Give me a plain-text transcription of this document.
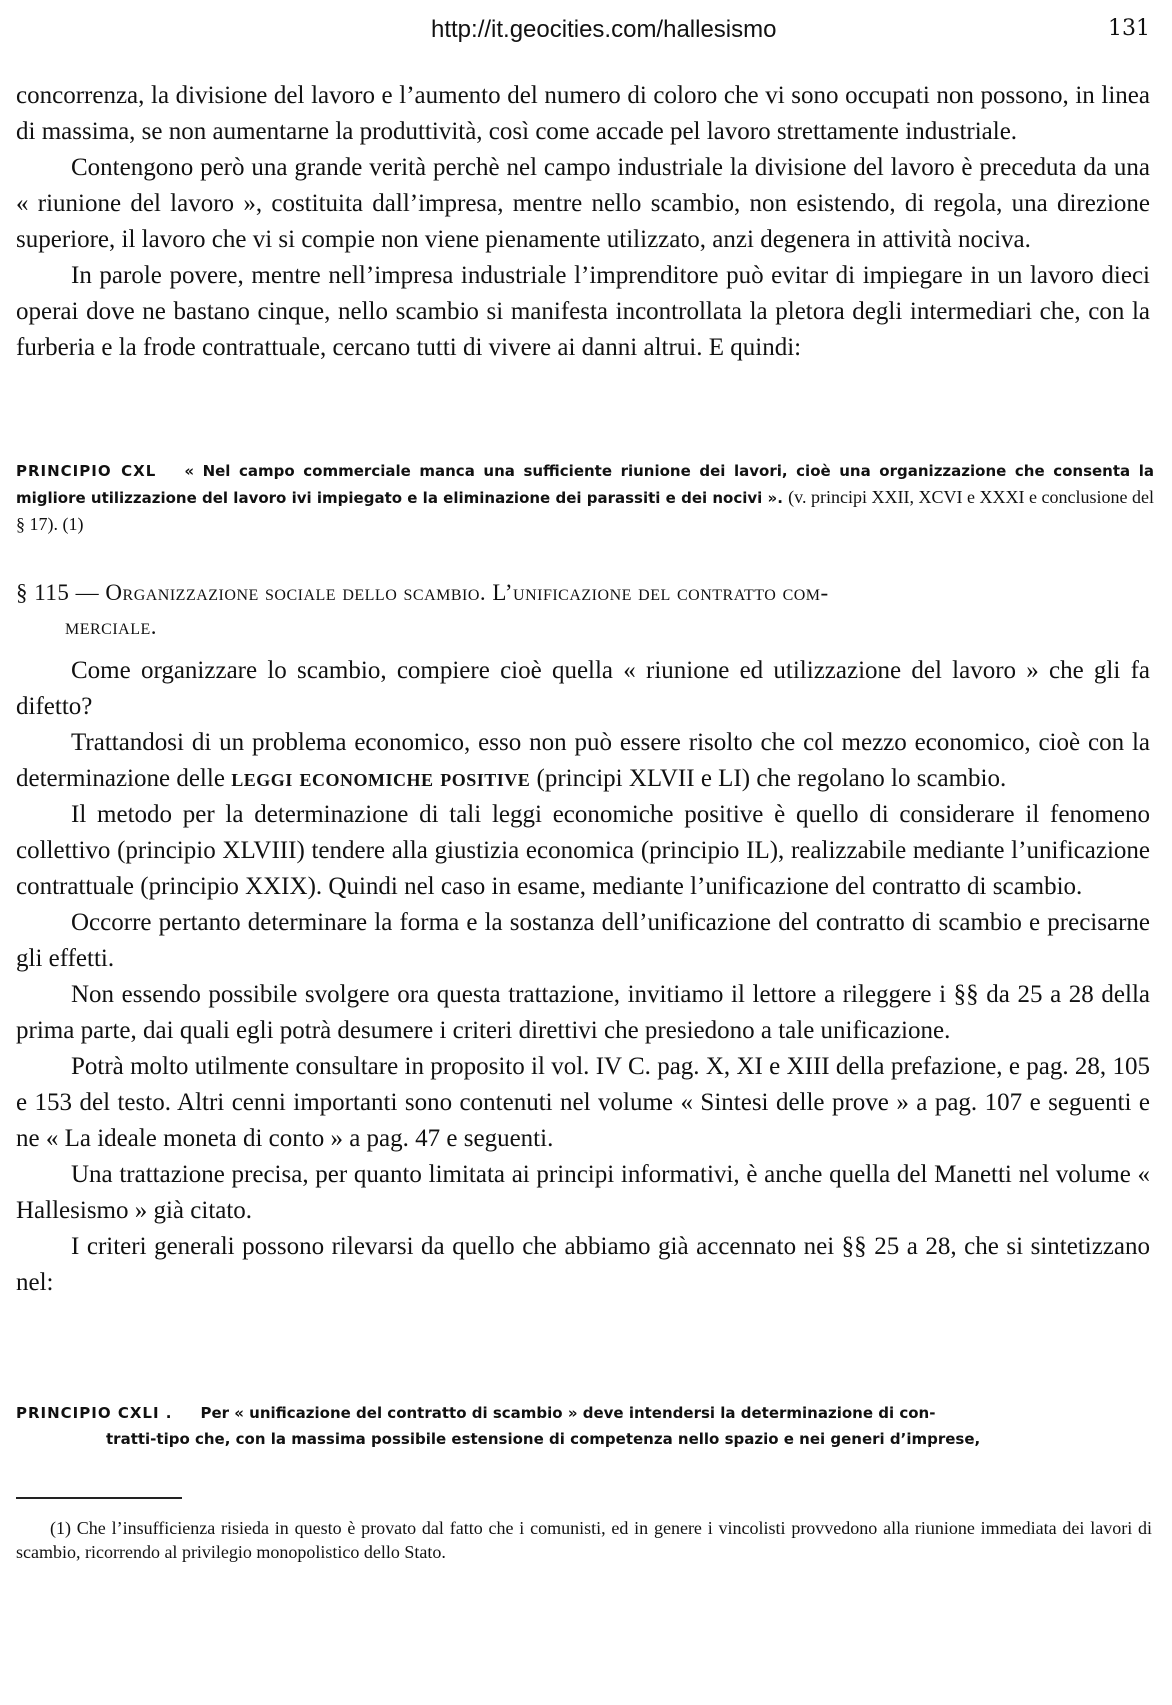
http://it.geocities.com/hallesismo	131

concorrenza, la divisione del lavoro e l’aumento del numero di coloro che vi sono occupati non possono, in linea di massima, se non aumentarne la produttività, così come accade pel lavoro strettamente industriale.

Contengono però una grande verità perchè nel campo industriale la divisione del lavoro è preceduta da una « riunione del lavoro », costituita dall’impresa, mentre nello scambio, non esistendo, di regola, una direzione superiore, il lavoro che vi si compie non viene pienamente utilizzato, anzi degenera in attività nociva.

In parole povere, mentre nell’impresa industriale l’imprenditore può evitar di impiegare in un lavoro dieci operai dove ne bastano cinque, nello scambio si manifesta incontrollata la pletora degli intermediari che, con la furberia e la frode contrattuale, cercano tutti di vivere ai danni altrui. E quindi:

PRINCIPIO CXL « Nel campo commerciale manca una sufficiente riunione dei lavori, cioè una organizzazione che consenta la migliore utilizzazione del lavoro ivi impiegato e la eliminazione dei parassiti e dei nocivi ». (v. principi XXII, XCVI e XXXI e conclusione del § 17). (1)
§ 115 — Organizzazione sociale dello scambio. L’unificazione del contratto com-
merciale.

Come organizzare lo scambio, compiere cioè quella « riunione ed utilizzazione del lavoro » che gli fa difetto?

Trattandosi di un problema economico, esso non può essere risolto che col mezzo economico, cioè con la determinazione delle leggi economiche positive (principi XLVII e LI) che regolano lo scambio.

Il metodo per la determinazione di tali leggi economiche positive è quello di considerare il fenomeno collettivo (principio XLVIII) tendere alla giustizia economica (principio IL), realizzabile mediante l’unificazione contrattuale (principio XXIX). Quindi nel caso in esame, mediante l’unificazione del contratto di scambio.

Occorre pertanto determinare la forma e la sostanza dell’unificazione del contratto di scambio e precisarne gli effetti.

Non essendo possibile svolgere ora questa trattazione, invitiamo il lettore a rileggere i §§ da 25 a 28 della prima parte, dai quali egli potrà desumere i criteri direttivi che presiedono a tale unificazione.

Potrà molto utilmente consultare in proposito il vol. IV C. pag. X, XI e XIII della prefazione, e pag. 28, 105 e 153 del testo. Altri cenni importanti sono contenuti nel volume « Sintesi delle prove » a pag. 107 e seguenti e ne « La ideale moneta di conto » a pag. 47 e seguenti.

Una trattazione precisa, per quanto limitata ai principi informativi, è anche quella del Manetti nel volume « Hallesismo » già citato.

I criteri generali possono rilevarsi da quello che abbiamo già accennato nei §§ 25 a 28, che si sintetizzano nel:

PRINCIPIO CXLI . Per « unificazione del contratto di scambio » deve intendersi la determinazione di con-
tratti-tipo che, con la massima possibile estensione di competenza nello spazio e nei generi d’imprese,
(1) Che l’insufficienza risieda in questo è provato dal fatto che i comunisti, ed in genere i vincolisti provvedono alla riunione immediata dei lavori di scambio, ricorrendo al privilegio monopolistico dello Stato.
